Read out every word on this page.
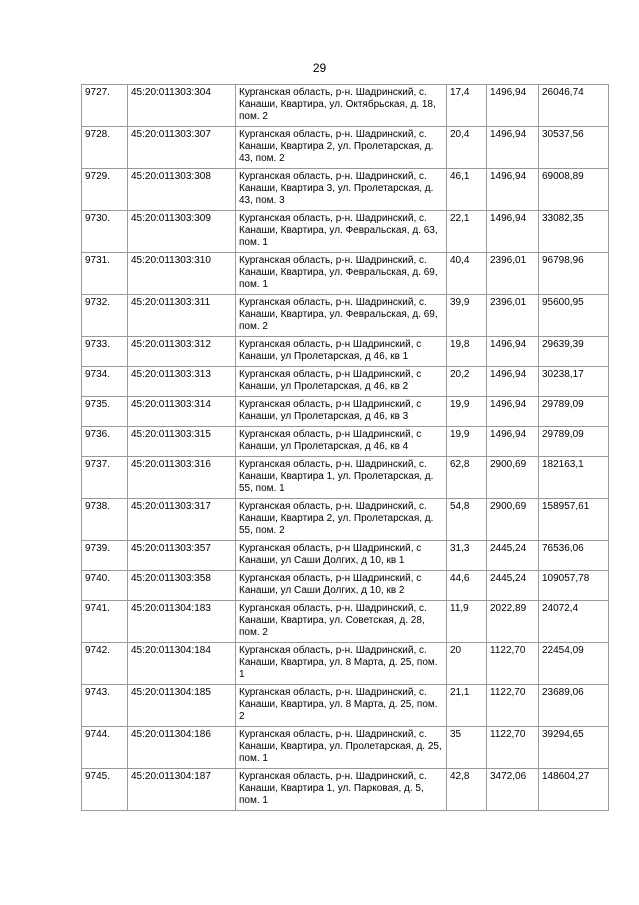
29
9727.	45:20:011303:304	Курганская область, р-н. Шадринский, с. Канаши, Квартира, ул. Октябрьская, д. 18, пом. 2	17,4	1496,94	26046,74
9728.	45:20:011303:307	Курганская область, р-н. Шадринский, с. Канаши, Квартира 2, ул. Пролетарская, д. 43, пом. 2	20,4	1496,94	30537,56
9729.	45:20:011303:308	Курганская область, р-н. Шадринский, с. Канаши, Квартира 3, ул. Пролетарская, д. 43, пом. 3	46,1	1496,94	69008,89
9730.	45:20:011303:309	Курганская область, р-н. Шадринский, с. Канаши, Квартира, ул. Февральская, д. 63, пом. 1	22,1	1496,94	33082,35
9731.	45:20:011303:310	Курганская область, р-н. Шадринский, с. Канаши, Квартира, ул. Февральская, д. 69, пом. 1	40,4	2396,01	96798,96
9732.	45:20:011303:311	Курганская область, р-н. Шадринский, с. Канаши, Квартира, ул. Февральская, д. 69, пом. 2	39,9	2396,01	95600,95
9733.	45:20:011303:312	Курганская область, р-н Шадринский, с Канаши, ул Пролетарская, д 46, кв 1	19,8	1496,94	29639,39
9734.	45:20:011303:313	Курганская область, р-н Шадринский, с Канаши, ул Пролетарская, д 46, кв 2	20,2	1496,94	30238,17
9735.	45:20:011303:314	Курганская область, р-н Шадринский, с Канаши, ул Пролетарская, д 46, кв 3	19,9	1496,94	29789,09
9736.	45:20:011303:315	Курганская область, р-н Шадринский, с Канаши, ул Пролетарская, д 46, кв 4	19,9	1496,94	29789,09
9737.	45:20:011303:316	Курганская область, р-н. Шадринский, с. Канаши, Квартира 1, ул. Пролетарская, д. 55, пом. 1	62,8	2900,69	182163,1
9738.	45:20:011303:317	Курганская область, р-н. Шадринский, с. Канаши, Квартира 2, ул. Пролетарская, д. 55, пом. 2	54,8	2900,69	158957,61
9739.	45:20:011303:357	Курганская область, р-н Шадринский, с Канаши, ул Саши Долгих, д 10, кв 1	31,3	2445,24	76536,06
9740.	45:20:011303:358	Курганская область, р-н Шадринский, с Канаши, ул Саши Долгих, д 10, кв 2	44,6	2445,24	109057,78
9741.	45:20:011304:183	Курганская область, р-н. Шадринский, с. Канаши, Квартира, ул. Советская, д. 28, пом. 2	11,9	2022,89	24072,4
9742.	45:20:011304:184	Курганская область, р-н. Шадринский, с. Канаши, Квартира, ул. 8 Марта, д. 25, пом. 1	20	1122,70	22454,09
9743.	45:20:011304:185	Курганская область, р-н. Шадринский, с. Канаши, Квартира, ул. 8 Марта, д. 25, пом. 2	21,1	1122,70	23689,06
9744.	45:20:011304:186	Курганская область, р-н. Шадринский, с. Канаши, Квартира, ул. Пролетарская, д. 25, пом. 1	35	1122,70	39294,65
9745.	45:20:011304:187	Курганская область, р-н. Шадринский, с. Канаши, Квартира 1, ул. Парковая, д. 5, пом. 1	42,8	3472,06	148604,27
